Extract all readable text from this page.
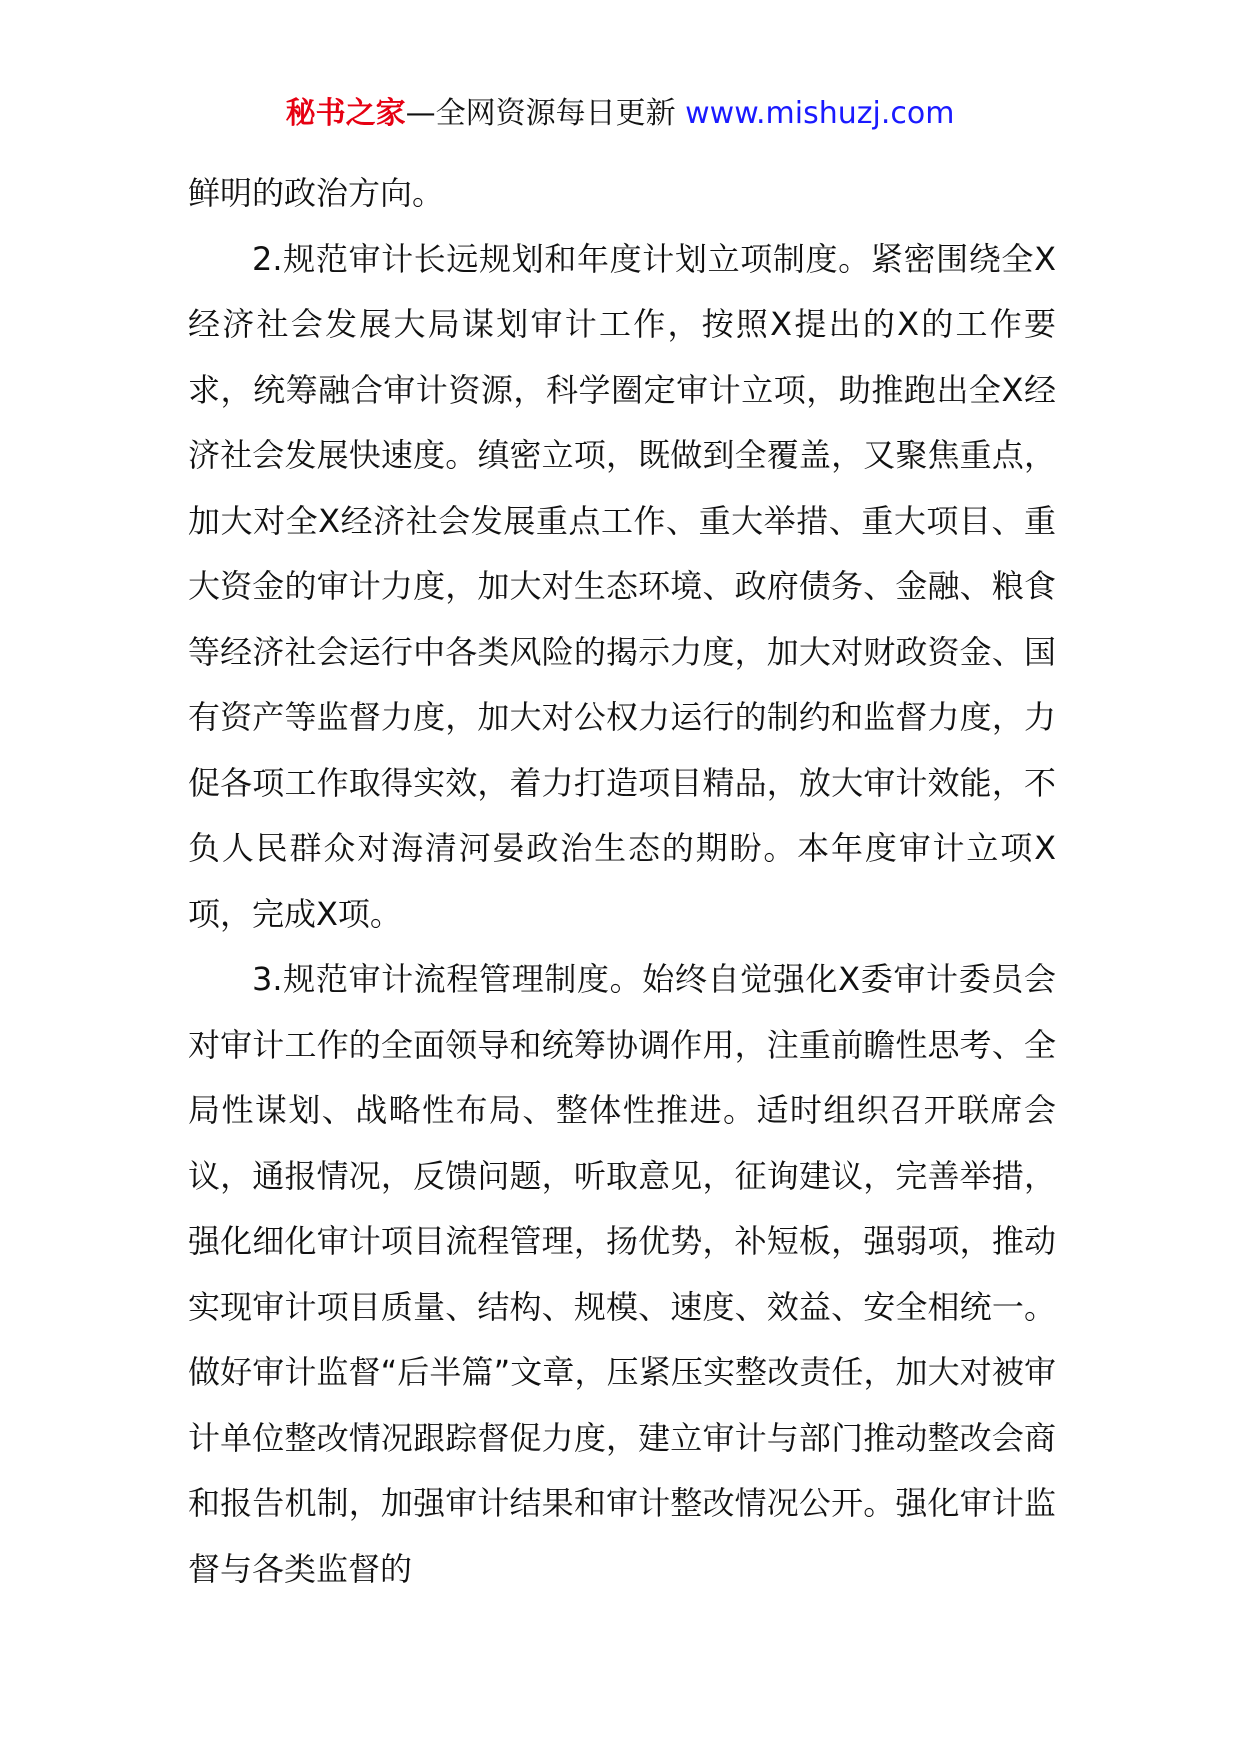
秘书之家—全网资源每日更新 www.mishuzj.com

鲜明的政治方向。

2.规范审计长远规划和年度计划立项制度。紧密围绕全X经济社会发展大局谋划审计工作，按照X提出的X的工作要求，统筹融合审计资源，科学圈定审计立项，助推跑出全X经济社会发展快速度。缜密立项，既做到全覆盖，又聚焦重点，加大对全X经济社会发展重点工作、重大举措、重大项目、重大资金的审计力度，加大对生态环境、政府债务、金融、粮食等经济社会运行中各类风险的揭示力度，加大对财政资金、国有资产等监督力度，加大对公权力运行的制约和监督力度，力促各项工作取得实效，着力打造项目精品，放大审计效能，不负人民群众对海清河晏政治生态的期盼。本年度审计立项X项，完成X项。

3.规范审计流程管理制度。始终自觉强化X委审计委员会对审计工作的全面领导和统筹协调作用，注重前瞻性思考、全局性谋划、战略性布局、整体性推进。适时组织召开联席会议，通报情况，反馈问题，听取意见，征询建议，完善举措，强化细化审计项目流程管理，扬优势，补短板，强弱项，推动实现审计项目质量、结构、规模、速度、效益、安全相统一。做好审计监督“后半篇”文章，压紧压实整改责任，加大对被审计单位整改情况跟踪督促力度，建立审计与部门推动整改会商和报告机制，加强审计结果和审计整改情况公开。强化审计监督与各类监督的
